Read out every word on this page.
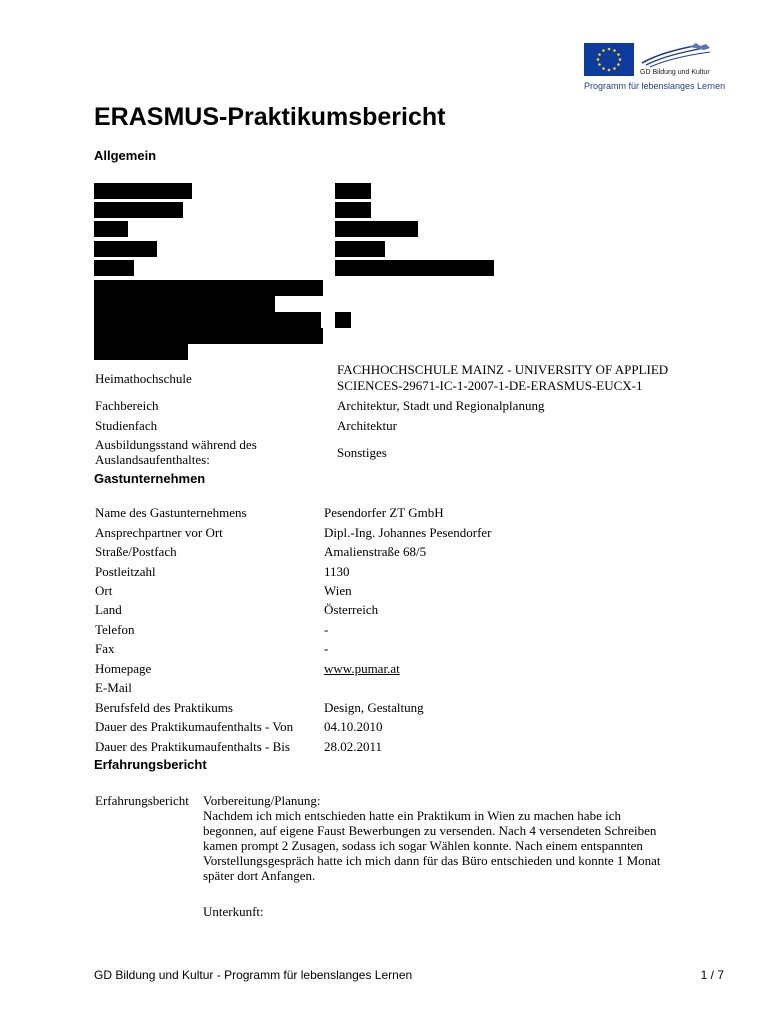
GD Bildung und Kultur
Programm für lebenslanges Lernen
ERASMUS-Praktikumsbericht
Allgemein
Heimathochschule
FACHHOCHSCHULE MAINZ - UNIVERSITY OF APPLIED SCIENCES-29671-IC-1-2007-1-DE-ERASMUS-EUCX-1
Fachbereich	Architektur, Stadt und Regionalplanung
Studienfach	Architektur
Ausbildungsstand während des Auslandsaufenthaltes:	Sonstiges
Gastunternehmen
Name des Gastunternehmens	Pesendorfer ZT GmbH
Ansprechpartner vor Ort	Dipl.-Ing. Johannes Pesendorfer
Straße/Postfach	Amalienstraße 68/5
Postleitzahl	1130
Ort	Wien
Land	Österreich
Telefon	-
Fax	-
Homepage	www.pumar.at
E-Mail
Berufsfeld des Praktikums	Design, Gestaltung
Dauer des Praktikumaufenthalts - Von 04.10.2010
Dauer des Praktikumaufenthalts - Bis	28.02.2011
Erfahrungsbericht
Erfahrungsbericht Vorbereitung/Planung:
Nachdem ich mich entschieden hatte ein Praktikum in Wien zu machen habe ich
begonnen, auf eigene Faust Bewerbungen zu versenden. Nach 4 versendeten Schreiben
kamen prompt 2 Zusagen, sodass ich sogar Wählen konnte. Nach einem entspannten
Vorstellungsgespräch hatte ich mich dann für das Büro entschieden und konnte 1 Monat
später dort Anfangen.
Unterkunft:
GD Bildung und Kultur - Programm für lebenslanges Lernen	1 / 7
